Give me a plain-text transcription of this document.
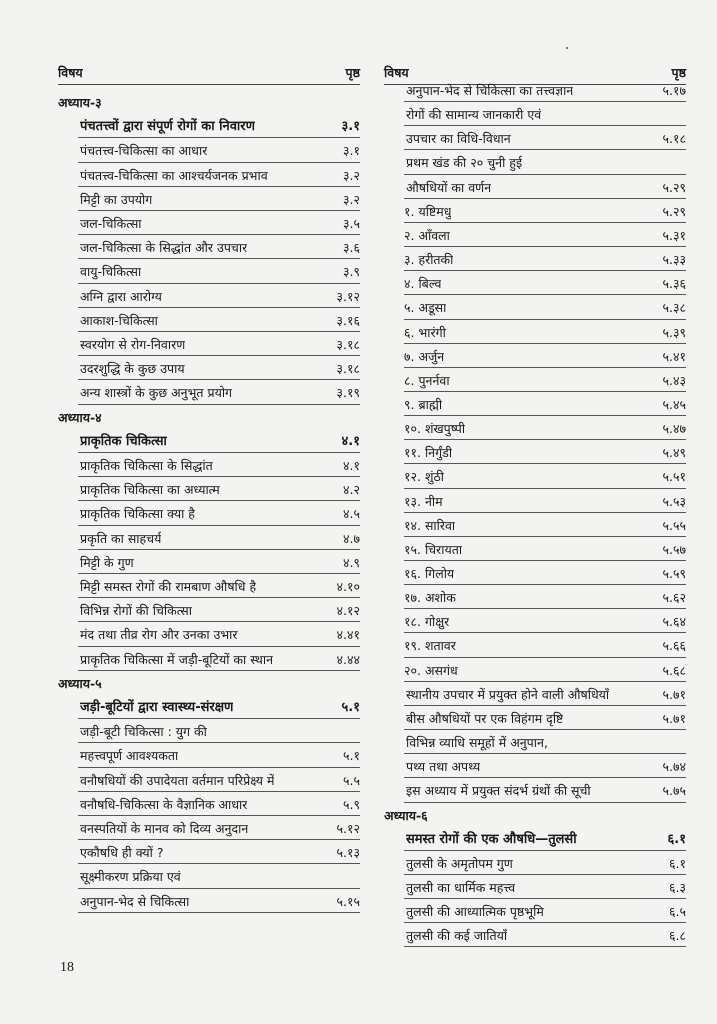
विषय	पृष्ठ
अध्याय-३
पंचतत्त्वों द्वारा संपूर्ण रोगों का निवारण	३.१
पंचतत्त्व-चिकित्सा का आधार	३.१
पंचतत्त्व-चिकित्सा का आश्चर्यजनक प्रभाव	३.२
मिट्टी का उपयोग	३.२
जल-चिकित्सा	३.५
जल-चिकित्सा के सिद्धांत और उपचार	३.६
वायु-चिकित्सा	३.९
अग्नि द्वारा आरोग्य	३.१२
आकाश-चिकित्सा	३.१६
स्वरयोग से रोग-निवारण	३.१८
उदरशुद्धि के कुछ उपाय	३.१८
अन्य शास्त्रों के कुछ अनुभूत प्रयोग	३.१९
अध्याय-४
प्राकृतिक चिकित्सा	४.१
प्राकृतिक चिकित्सा के सिद्धांत	४.१
प्राकृतिक चिकित्सा का अध्यात्म	४.२
प्राकृतिक चिकित्सा क्या है	४.५
प्रकृति का साहचर्य	४.७
मिट्टी के गुण	४.९
मिट्टी समस्त रोगों की रामबाण औषधि है	४.१०
विभिन्न रोगों की चिकित्सा	४.१२
मंद तथा तीव्र रोग और उनका उभार	४.४१
प्राकृतिक चिकित्सा में जड़ी-बूटियों का स्थान	४.४४
अध्याय-५
जड़ी-बूटियों द्वारा स्वास्थ्य-संरक्षण	५.१
जड़ी-बूटी चिकित्सा : युग की
महत्त्वपूर्ण आवश्यकता	५.१
वनौषधियों की उपादेयता वर्तमान परिप्रेक्ष्य में	५.५
वनौषधि-चिकित्सा के वैज्ञानिक आधार	५.९
वनस्पतियों के मानव को दिव्य अनुदान	५.१२
एकौषधि ही क्यों ?	५.१३
सूक्ष्मीकरण प्रक्रिया एवं
अनुपान-भेद से चिकित्सा	५.१५
विषय	पृष्ठ
अनुपान-भेद से चिकित्सा का तत्त्वज्ञान	५.१७
रोगों की सामान्य जानकारी एवं
उपचार का विधि-विधान	५.१८
प्रथम खंड की २० चुनी हुई
औषधियों का वर्णन	५.२९
१. यष्टिमधु	५.२९
२. आँवला	५.३१
३. हरीतकी	५.३३
४. बिल्व	५.३६
५. अडूसा	५.३८
६. भारंगी	५.३९
७. अर्जुन	५.४१
८. पुनर्नवा	५.४३
९. ब्राह्मी	५.४५
१०. शंखपुष्पी	५.४७
११. निर्गुंडी	५.४९
१२. शुंठी	५.५१
१३. नीम	५.५३
१४. सारिवा	५.५५
१५. चिरायता	५.५७
१६. गिलोय	५.५९
१७. अशोक	५.६२
१८. गोक्षुर	५.६४
१९. शतावर	५.६६
२०. असगंध	५.६८
स्थानीय उपचार में प्रयुक्त होने वाली औषधियाँ	५.७१
बीस औषधियों पर एक विहंगम दृष्टि	५.७१
विभिन्न व्याधि समूहों में अनुपान,
पथ्य तथा अपथ्य	५.७४
इस अध्याय में प्रयुक्त संदर्भ ग्रंथों की सूची	५.७५
अध्याय-६
समस्त रोगों की एक औषधि—तुलसी	६.१
तुलसी के अमृतोपम गुण	६.१
तुलसी का धार्मिक महत्त्व	६.३
तुलसी की आध्यात्मिक पृष्ठभूमि	६.५
तुलसी की कई जातियाँ	६.८
18
